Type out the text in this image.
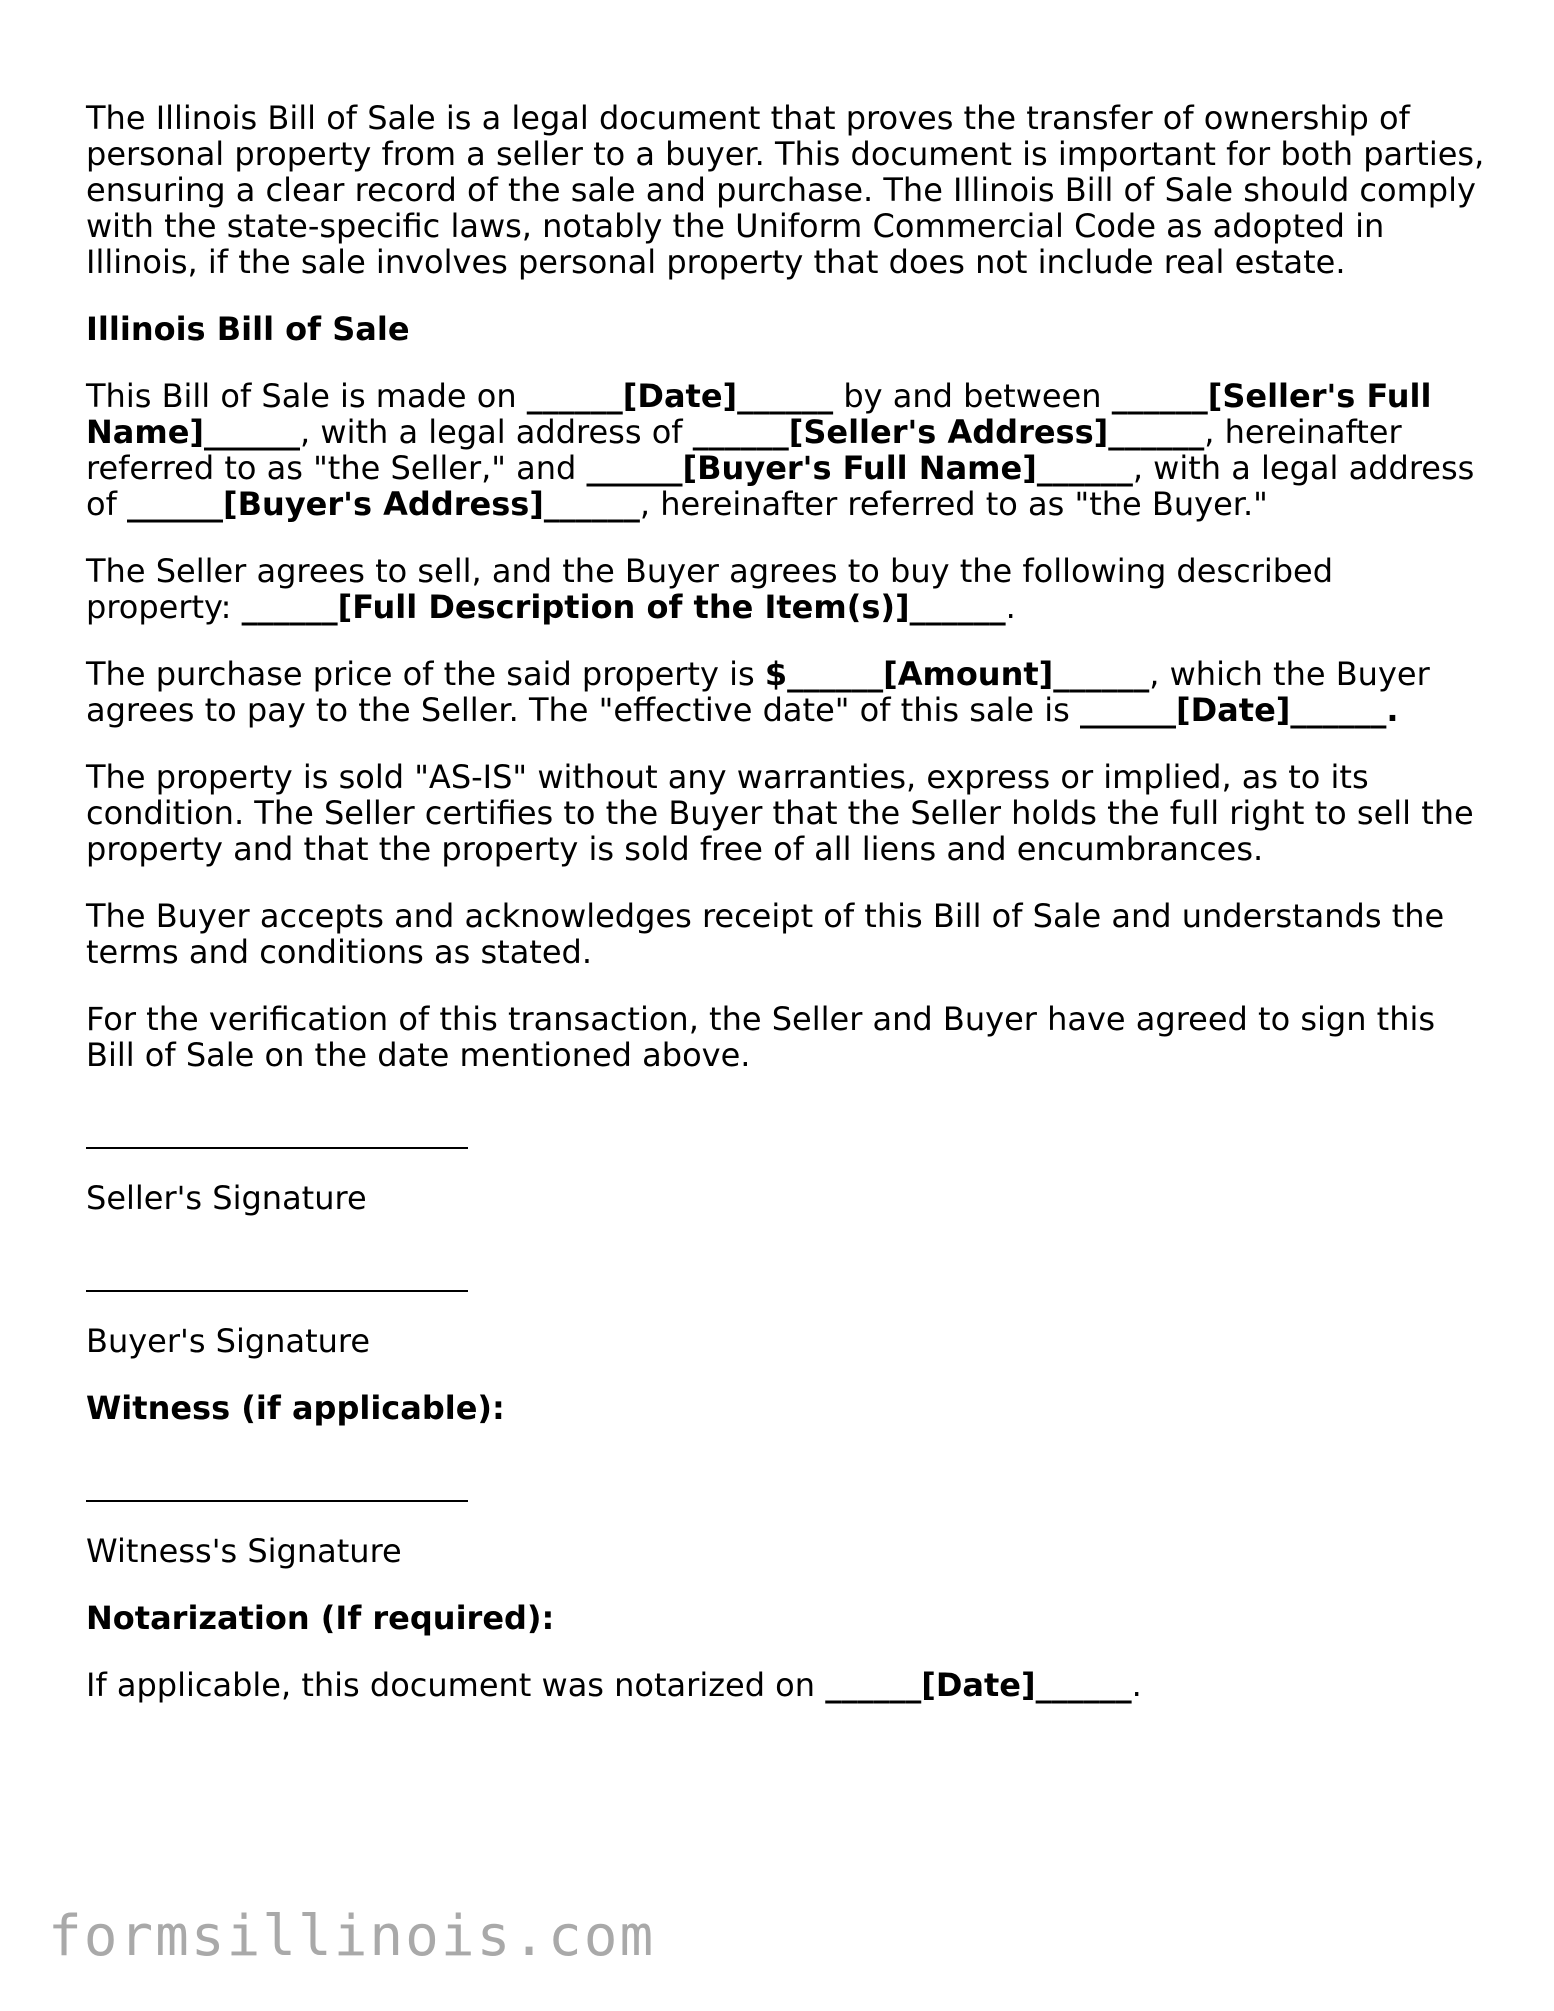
The Illinois Bill of Sale is a legal document that proves the transfer of ownership of personal property from a seller to a buyer. This document is important for both parties, ensuring a clear record of the sale and purchase. The Illinois Bill of Sale should comply with the state-specific laws, notably the Uniform Commercial Code as adopted in Illinois, if the sale involves personal property that does not include real estate.

Illinois Bill of Sale

This Bill of Sale is made on ______[Date]______ by and between ______[Seller's Full Name]______, with a legal address of ______[Seller's Address]______, hereinafter referred to as "the Seller," and ______[Buyer's Full Name]______, with a legal address of ______[Buyer's Address]______, hereinafter referred to as "the Buyer."

The Seller agrees to sell, and the Buyer agrees to buy the following described property: ______[Full Description of the Item(s)]______.

The purchase price of the said property is $______[Amount]______, which the Buyer agrees to pay to the Seller. The "effective date" of this sale is ______[Date]______.

The property is sold "AS-IS" without any warranties, express or implied, as to its condition. The Seller certifies to the Buyer that the Seller holds the full right to sell the property and that the property is sold free of all liens and encumbrances.

The Buyer accepts and acknowledges receipt of this Bill of Sale and understands the terms and conditions as stated.

For the verification of this transaction, the Seller and Buyer have agreed to sign this Bill of Sale on the date mentioned above.

Seller's Signature

Buyer's Signature

Witness (if applicable):

Witness's Signature

Notarization (If required):

If applicable, this document was notarized on ______[Date]______.

formsillinois.com
